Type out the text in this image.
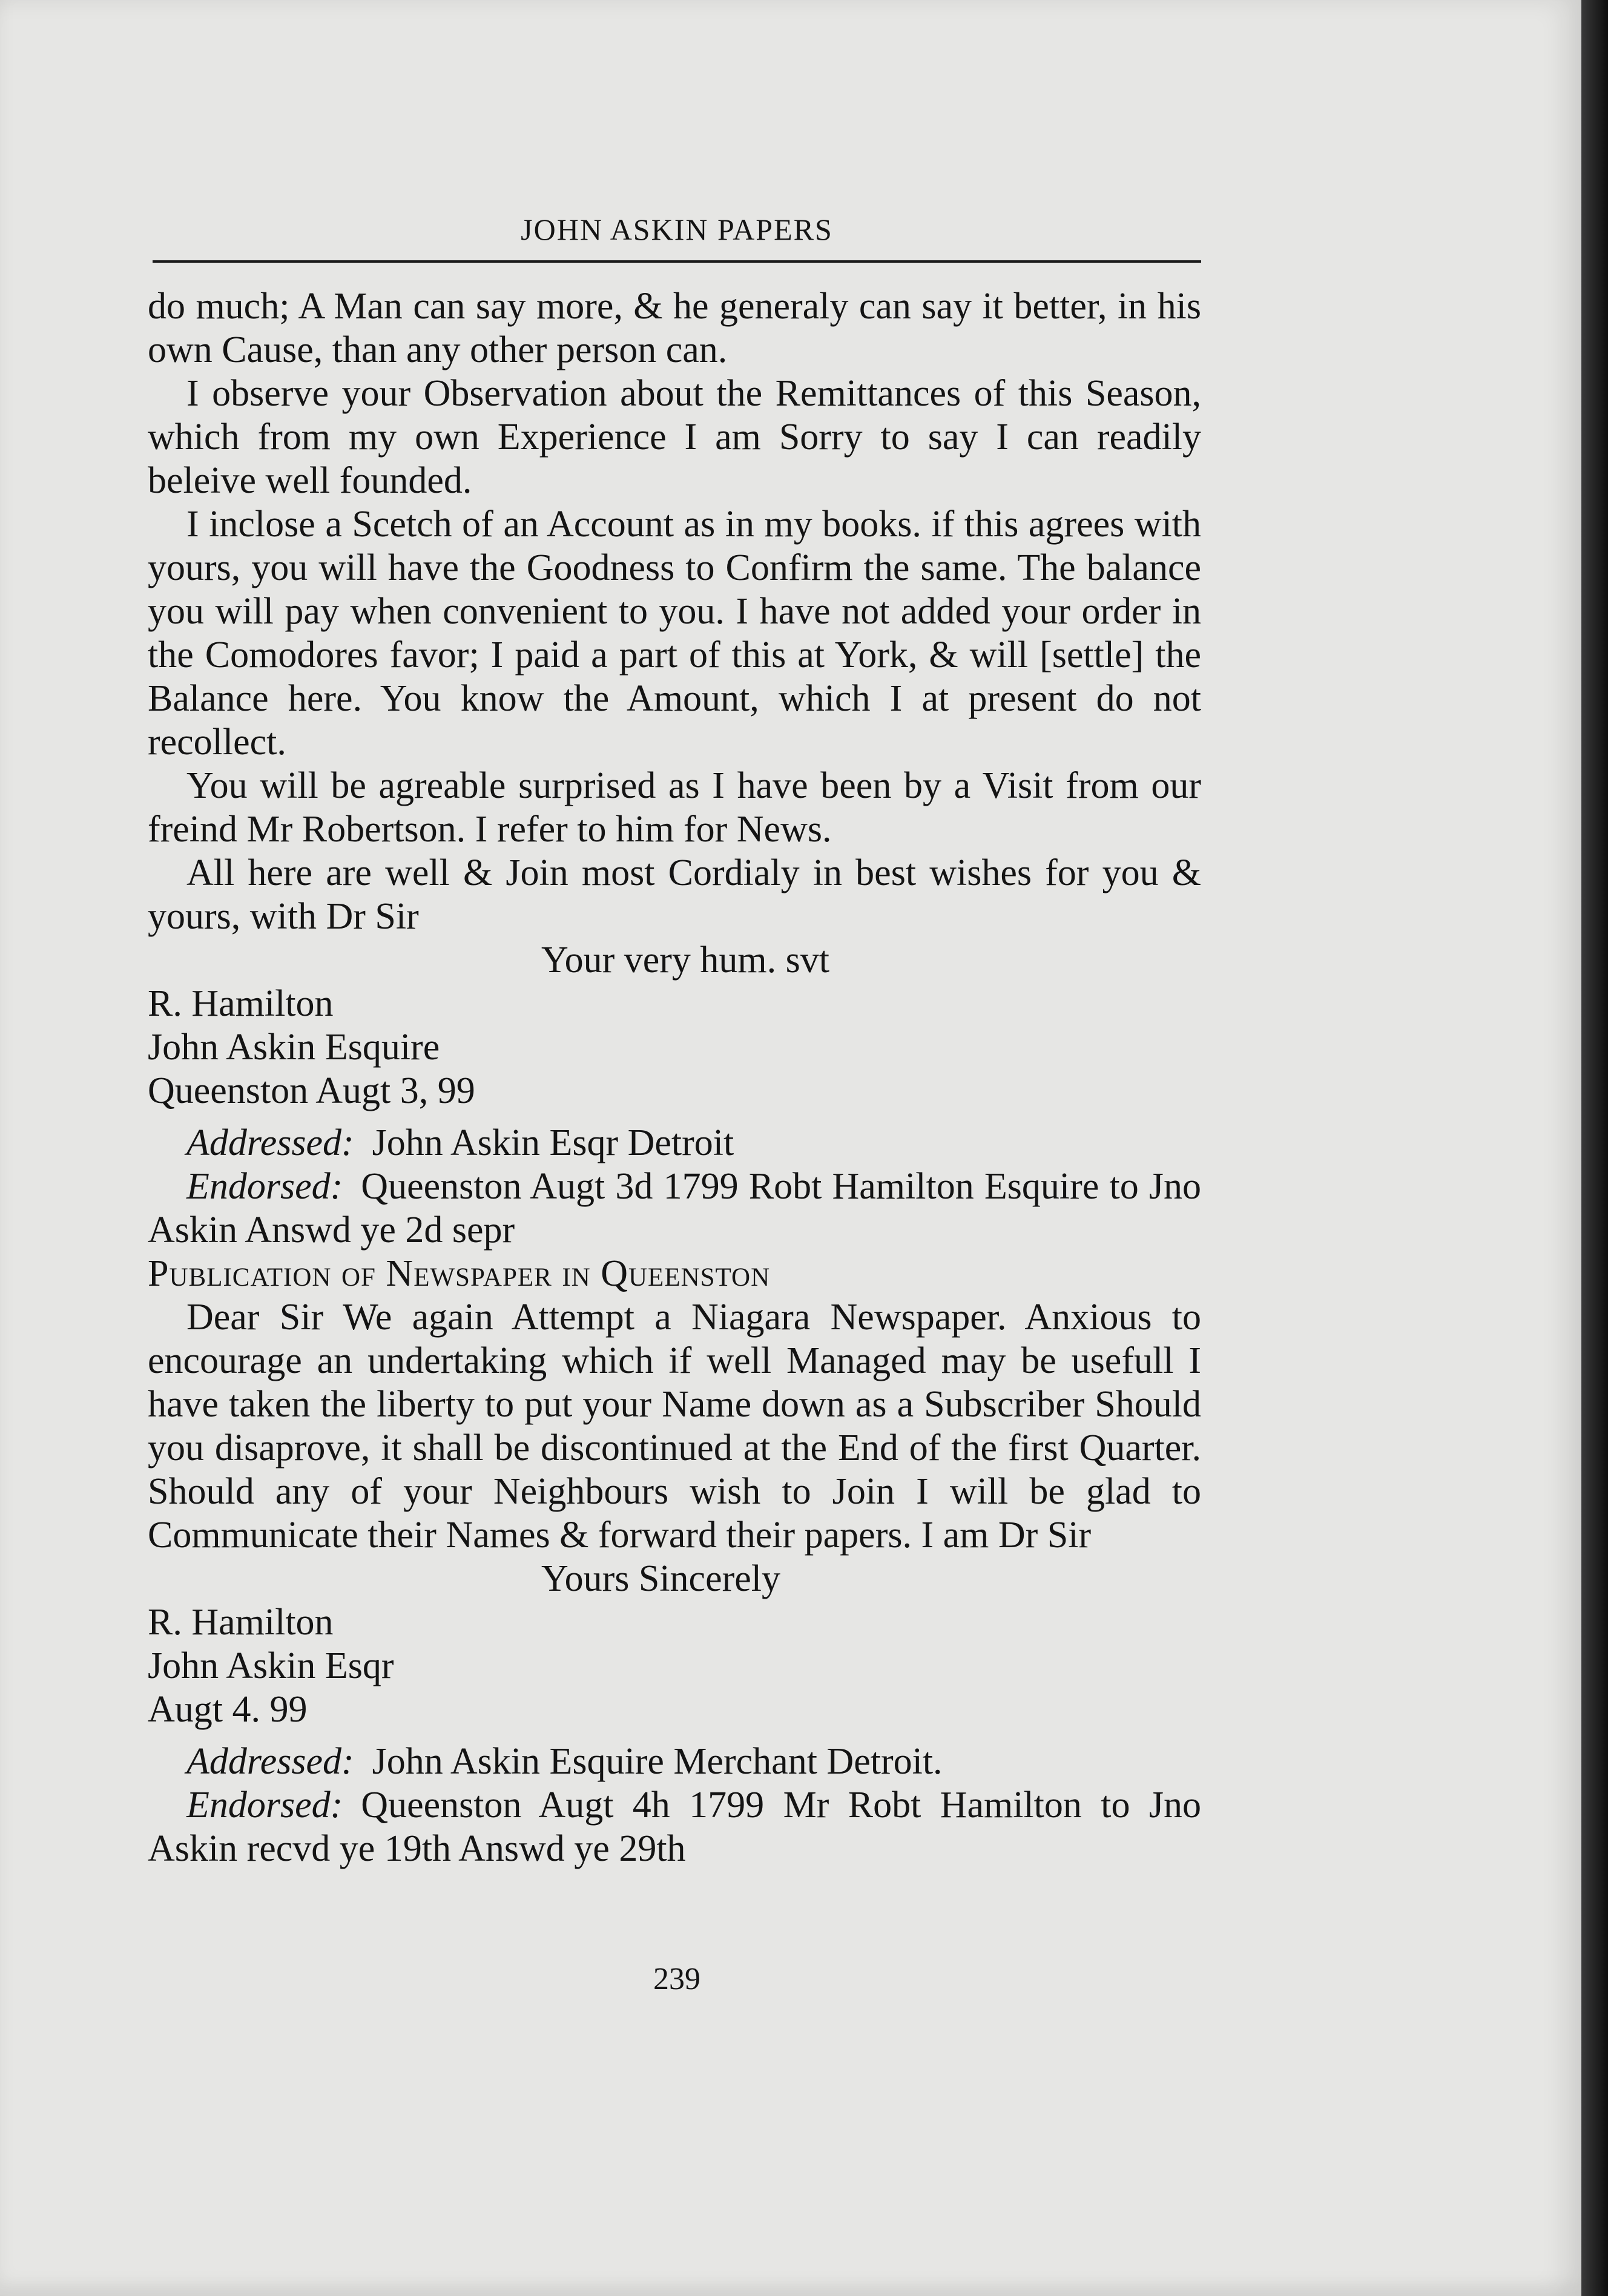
JOHN ASKIN PAPERS

do much; A Man can say more, & he generaly can say it better, in his own Cause, than any other person can.

I observe your Observation about the Remittances of this Season, which from my own Experience I am Sorry to say I can readily beleive well founded.

I inclose a Scetch of an Account as in my books. if this agrees with yours, you will have the Goodness to Confirm the same. The balance you will pay when convenient to you. I have not added your order in the Comodores favor; I paid a part of this at York, & will [settle] the Balance here. You know the Amount, which I at present do not recollect.

You will be agreable surprised as I have been by a Visit from our freind Mr Robertson. I refer to him for News.

All here are well & Join most Cordialy in best wishes for you & yours, with Dr Sir

Your very hum. svt

R. Hamilton

John Askin Esquire

Queenston Augt 3, 99

Addressed: John Askin Esqr Detroit

Endorsed: Queenston Augt 3d 1799 Robt Hamilton Esquire to Jno Askin Answd ye 2d sepr

Publication of Newspaper in Queenston

Dear Sir We again Attempt a Niagara Newspaper. Anxious to encourage an undertaking which if well Managed may be usefull I have taken the liberty to put your Name down as a Subscriber Should you disaprove, it shall be discontinued at the End of the first Quarter. Should any of your Neighbours wish to Join I will be glad to Communicate their Names & forward their papers. I am Dr Sir

Yours Sincerely

R. Hamilton

John Askin Esqr

Augt 4. 99

Addressed: John Askin Esquire Merchant Detroit.

Endorsed: Queenston Augt 4h 1799 Mr Robt Hamilton to Jno Askin recvd ye 19th Answd ye 29th

239
